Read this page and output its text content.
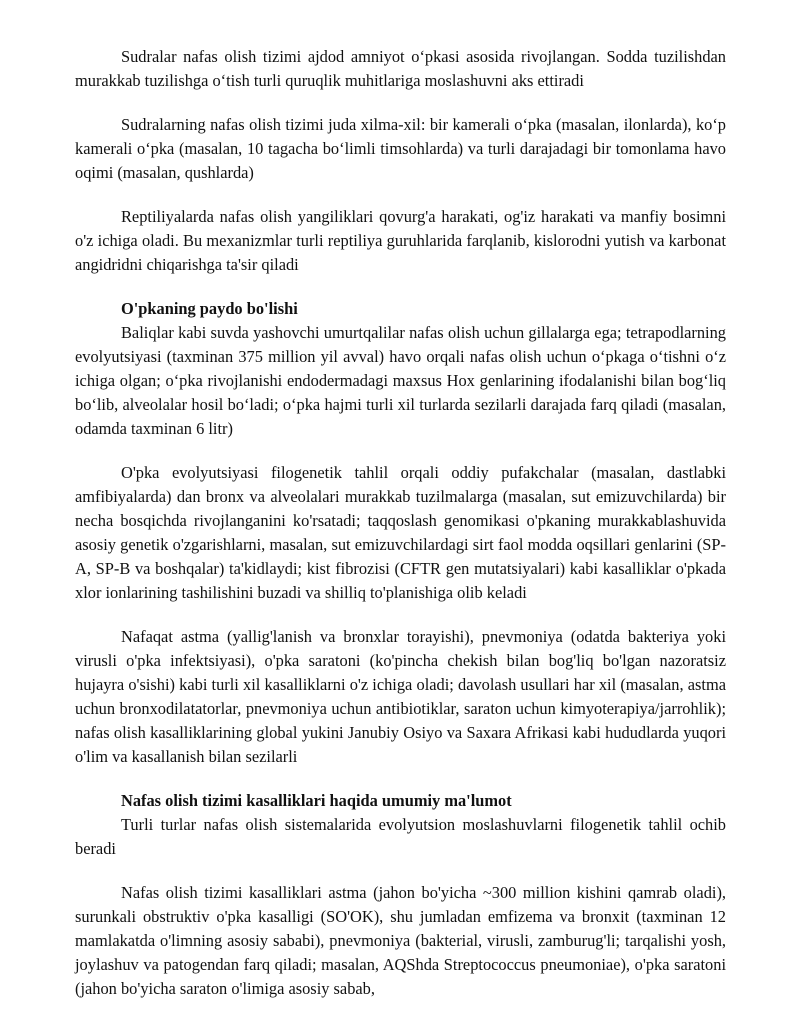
Sudralar nafas olish tizimi ajdod amniyot o‘pkasi asosida rivojlangan. Sodda tuzilishdan murakkab tuzilishga o‘tish turli quruqlik muhitlariga moslashuvni aks ettiradi

Sudralarning nafas olish tizimi juda xilma-xil: bir kamerali o‘pka (masalan, ilonlarda), ko‘p kamerali o‘pka (masalan, 10 tagacha bo‘limli timsohlarda) va turli darajadagi bir tomonlama havo oqimi (masalan, qushlarda)

Reptiliyalarda nafas olish yangiliklari qovurg'a harakati, og'iz harakati va manfiy bosimni o'z ichiga oladi. Bu mexanizmlar turli reptiliya guruhlarida farqlanib, kislorodni yutish va karbonat angidridni chiqarishga ta'sir qiladi

O'pkaning paydo bo'lishi

Baliqlar kabi suvda yashovchi umurtqalilar nafas olish uchun gillalarga ega; tetrapodlarning evolyutsiyasi (taxminan 375 million yil avval) havo orqali nafas olish uchun o‘pkaga o‘tishni o‘z ichiga olgan; o‘pka rivojlanishi endodermadagi maxsus Hox genlarining ifodalanishi bilan bog‘liq bo‘lib, alveolalar hosil bo‘ladi; o‘pka hajmi turli xil turlarda sezilarli darajada farq qiladi (masalan, odamda taxminan 6 litr)

O'pka evolyutsiyasi filogenetik tahlil orqali oddiy pufakchalar (masalan, dastlabki amfibiyalarda) dan bronx va alveolalari murakkab tuzilmalarga (masalan, sut emizuvchilarda) bir necha bosqichda rivojlanganini ko'rsatadi; taqqoslash genomikasi o'pkaning murakkablashuvida asosiy genetik o'zgarishlarni, masalan, sut emizuvchilardagi sirt faol modda oqsillari genlarini (SP-A, SP-B va boshqalar) ta'kidlaydi; kist fibrozisi (CFTR gen mutatsiyalari) kabi kasalliklar o'pkada xlor ionlarining tashilishini buzadi va shilliq to'planishiga olib keladi

Nafaqat astma (yallig'lanish va bronxlar torayishi), pnevmoniya (odatda bakteriya yoki virusli o'pka infektsiyasi), o'pka saratoni (ko'pincha chekish bilan bog'liq bo'lgan nazoratsiz hujayra o'sishi) kabi turli xil kasalliklarni o'z ichiga oladi; davolash usullari har xil (masalan, astma uchun bronxodilatatorlar, pnevmoniya uchun antibiotiklar, saraton uchun kimyoterapiya/jarrohlik); nafas olish kasalliklarining global yukini Janubiy Osiyo va Saxara Afrikasi kabi hududlarda yuqori o'lim va kasallanish bilan sezilarli

Nafas olish tizimi kasalliklari haqida umumiy ma'lumot

Turli turlar nafas olish sistemalarida evolyutsion moslashuvlarni filogenetik tahlil ochib beradi

Nafas olish tizimi kasalliklari astma (jahon bo'yicha ~300 million kishini qamrab oladi), surunkali obstruktiv o'pka kasalligi (SO'OK), shu jumladan emfizema va bronxit (taxminan 12 mamlakatda o'limning asosiy sababi), pnevmoniya (bakterial, virusli, zamburug'li; tarqalishi yosh, joylashuv va patogendan farq qiladi; masalan, AQShda Streptococcus pneumoniae), o'pka saratoni (jahon bo'yicha saraton o'limiga asosiy sabab,
